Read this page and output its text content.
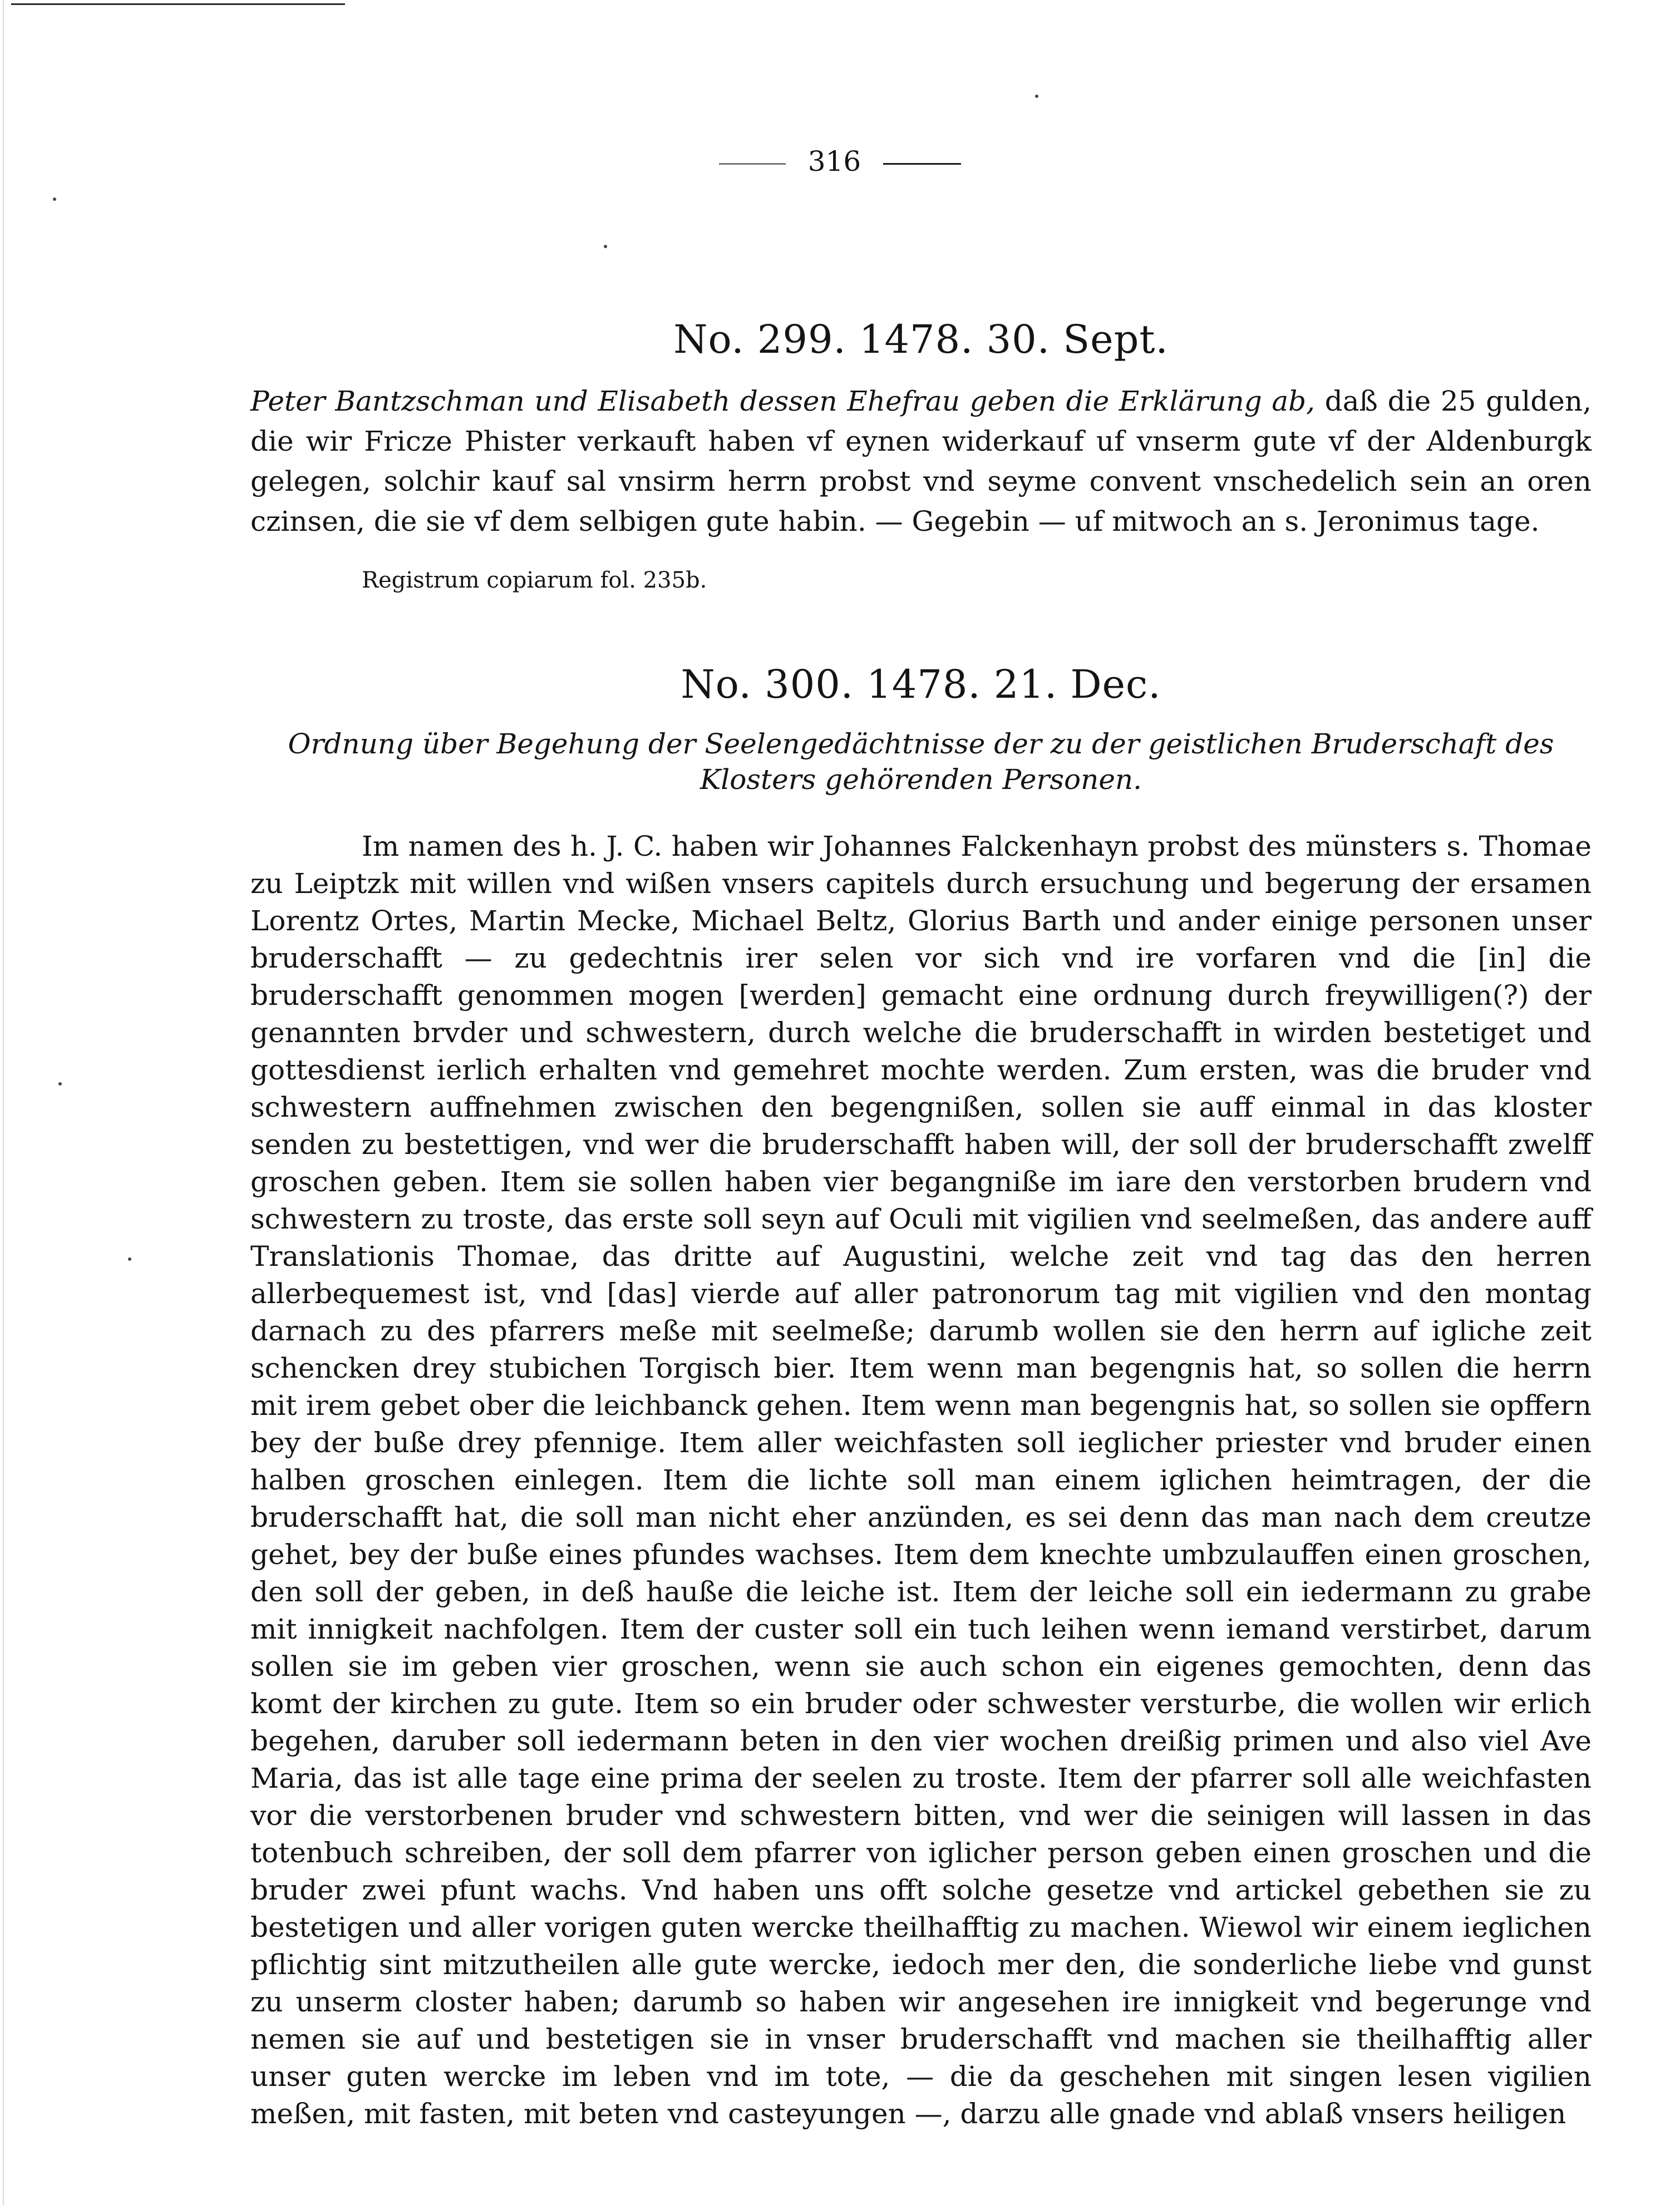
316
No. 299. 1478. 30. Sept.
Peter Bantzschman und Elisabeth dessen Ehefrau geben die Erklärung ab, daß die 25 gulden, die wir Fricze Phister verkauft haben vf eynen widerkauf uf vnserm gute vf der Aldenburgk gelegen, solchir kauf sal vnsirm herrn probst vnd seyme convent vnschedelich sein an oren czinsen, die sie vf dem selbigen gute habin. — Gegebin — uf mitwoch an s. Jeronimus tage.
Registrum copiarum fol. 235b.
No. 300. 1478. 21. Dec.
Ordnung über Begehung der Seelengedächtnisse der zu der geistlichen Bruderschaft des Klosters gehörenden Personen.
Im namen des h. J. C. haben wir Johannes Falckenhayn probst des münsters s. Thomae zu Leiptzk mit willen vnd wißen vnsers capitels durch ersuchung und begerung der ersamen Lorentz Ortes, Martin Mecke, Michael Beltz, Glorius Barth und ander einige personen unser bruderschafft — zu gedechtnis irer selen vor sich vnd ire vorfaren vnd die [in] die bruderschafft genommen mogen [werden] gemacht eine ordnung durch freywilligen(?) der genannten brvder und schwestern, durch welche die bruderschafft in wirden bestetiget und gottesdienst ierlich erhalten vnd gemehret mochte werden. Zum ersten, was die bruder vnd schwestern auffnehmen zwischen den begengnißen, sollen sie auff einmal in das kloster senden zu bestettigen, vnd wer die bruderschafft haben will, der soll der bruderschafft zwelff groschen geben. Item sie sollen haben vier begangniße im iare den verstorben brudern vnd schwestern zu troste, das erste soll seyn auf Oculi mit vigilien vnd seelmeßen, das andere auff Translationis Thomae, das dritte auf Augustini, welche zeit vnd tag das den herren allerbequemest ist, vnd [das] vierde auf aller patronorum tag mit vigilien vnd den montag darnach zu des pfarrers meße mit seelmeße; darumb wollen sie den herrn auf igliche zeit schencken drey stubichen Torgisch bier. Item wenn man begengnis hat, so sollen die herrn mit irem gebet ober die leichbanck gehen. Item wenn man begengnis hat, so sollen sie opffern bey der buße drey pfennige. Item aller weichfasten soll ieglicher priester vnd bruder einen halben groschen einlegen. Item die lichte soll man einem iglichen heimtragen, der die bruderschafft hat, die soll man nicht eher anzünden, es sei denn das man nach dem creutze gehet, bey der buße eines pfundes wachses. Item dem knechte umbzulauffen einen groschen, den soll der geben, in deß hauße die leiche ist. Item der leiche soll ein iedermann zu grabe mit innigkeit nachfolgen. Item der custer soll ein tuch leihen wenn iemand verstirbet, darum sollen sie im geben vier groschen, wenn sie auch schon ein eigenes gemochten, denn das komt der kirchen zu gute. Item so ein bruder oder schwester versturbe, die wollen wir erlich begehen, daruber soll iedermann beten in den vier wochen dreißig primen und also viel Ave Maria, das ist alle tage eine prima der seelen zu troste. Item der pfarrer soll alle weichfasten vor die verstorbenen bruder vnd schwestern bitten, vnd wer die seinigen will lassen in das totenbuch schreiben, der soll dem pfarrer von iglicher person geben einen groschen und die bruder zwei pfunt wachs. Vnd haben uns offt solche gesetze vnd artickel gebethen sie zu bestetigen und aller vorigen guten wercke theilhafftig zu machen. Wiewol wir einem ieglichen pflichtig sint mitzutheilen alle gute wercke, iedoch mer den, die sonderliche liebe vnd gunst zu unserm closter haben; darumb so haben wir angesehen ire innigkeit vnd begerunge vnd nemen sie auf und bestetigen sie in vnser bruderschafft vnd machen sie theilhafftig aller unser guten wercke im leben vnd im tote, — die da geschehen mit singen lesen vigilien meßen, mit fasten, mit beten vnd casteyungen —, darzu alle gnade vnd ablaß vnsers heiligen
